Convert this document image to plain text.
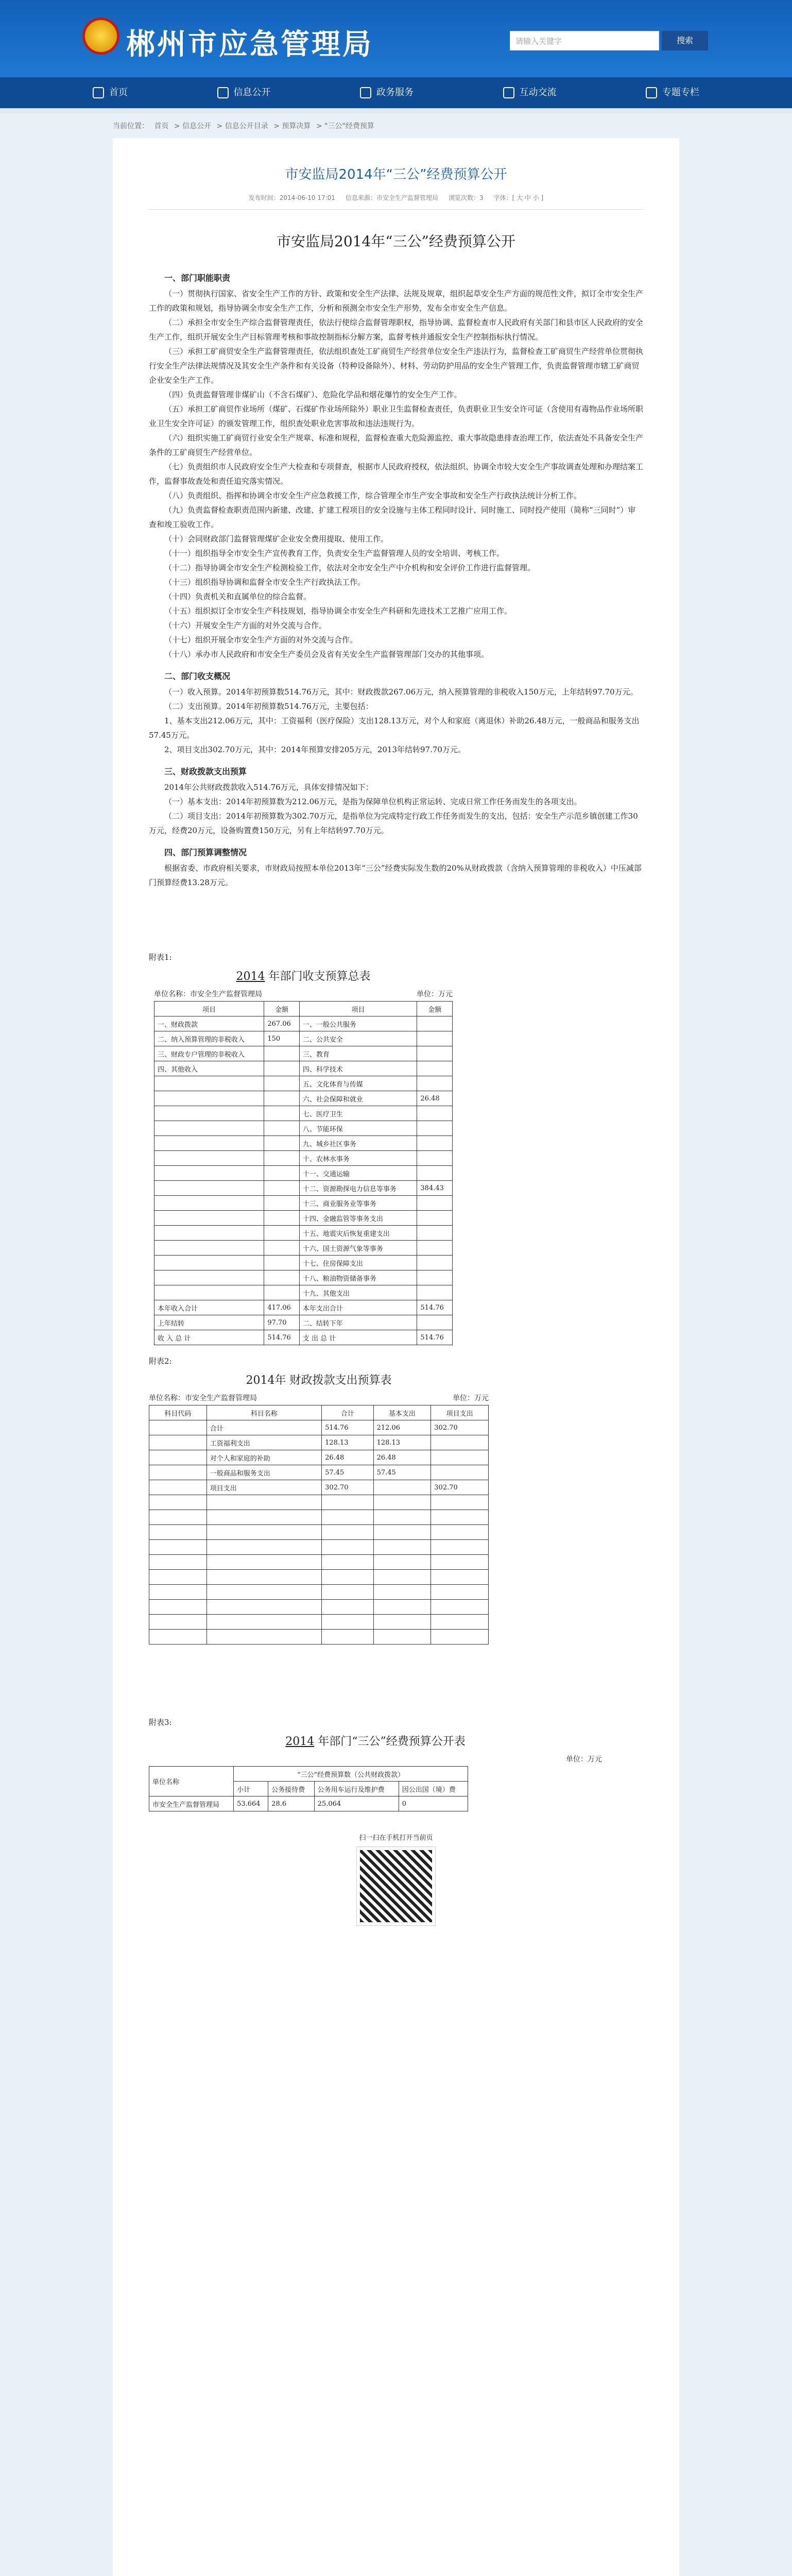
郴州市应急管理局	请输入关键字	搜索
首页	信息公开	政务服务	互动交流	专题专栏
当前位置： 首页 > 信息公开 > 信息公开目录 > 预算决算 > "三公"经费预算
市安监局2014年“三公”经费预算公开
发布时间：2014-06-10 17:01 信息来源：市安全生产监督管理局 浏览次数：3 字体：[ 大 中 小 ]
市安监局2014年“三公”经费预算公开
一、部门职能职责

（一）贯彻执行国家、省安全生产工作的方针、政策和安全生产法律、法规及规章，组织起草安全生产方面的规范性文件，拟订全市安全生产工作的政策和规划，指导协调全市安全生产工作，分析和预测全市安全生产形势，发布全市安全生产信息。

（二）承担全市安全生产综合监督管理责任，依法行使综合监督管理职权，指导协调、监督检查市人民政府有关部门和县市区人民政府的安全生产工作，组织开展安全生产目标管理考核和事故控制指标分解方案，监督考核并通报安全生产控制指标执行情况。

（三）承担工矿商贸安全生产监督管理责任，依法组织查处工矿商贸生产经营单位安全生产违法行为，监督检查工矿商贸生产经营单位贯彻执行安全生产法律法规情况及其安全生产条件和有关设备（特种设备除外）、材料、劳动防护用品的安全生产管理工作，负责监督管理市辖工矿商贸企业安全生产工作。

（四）负责监督管理非煤矿山（不含石煤矿）、危险化学品和烟花爆竹的安全生产工作。

（五）承担工矿商贸作业场所（煤矿、石煤矿作业场所除外）职业卫生监督检查责任，负责职业卫生安全许可证（含使用有毒物品作业场所职业卫生安全许可证）的颁发管理工作，组织查处职业危害事故和违法违规行为。

（六）组织实施工矿商贸行业安全生产规章、标准和规程，监督检查重大危险源监控、重大事故隐患排查治理工作，依法查处不具备安全生产条件的工矿商贸生产经营单位。

（七）负责组织市人民政府安全生产大检查和专项督查，根据市人民政府授权，依法组织、协调全市较大安全生产事故调查处理和办理结案工作，监督事故查处和责任追究落实情况。

（八）负责组织、指挥和协调全市安全生产应急救援工作，综合管理全市生产安全事故和安全生产行政执法统计分析工作。

（九）负责监督检查职责范围内新建、改建、扩建工程项目的安全设施与主体工程同时设计、同时施工、同时投产使用（简称“三同时”）审查和竣工验收工作。

（十）会同财政部门监督管理煤矿企业安全费用提取、使用工作。

（十一）组织指导全市安全生产宣传教育工作，负责安全生产监督管理人员的安全培训、考核工作。

（十二）指导协调全市安全生产检测检验工作，依法对全市安全生产中介机构和安全评价工作进行监督管理。

（十三）组织指导协调和监督全市安全生产行政执法工作。

（十四）负责机关和直属单位的综合监督。

（十五）组织拟订全市安全生产科技规划，指导协调全市安全生产科研和先进技术工艺推广应用工作。

（十六）开展安全生产方面的对外交流与合作。

（十七）组织开展全市安全生产方面的对外交流与合作。

（十八）承办市人民政府和市安全生产委员会及省有关安全生产监督管理部门交办的其他事项。

二、部门收支概况

（一）收入预算。2014年初预算数514.76万元，其中：财政拨款267.06万元，纳入预算管理的非税收入150万元，上年结转97.70万元。

（二）支出预算。2014年初预算数514.76万元，主要包括：

1、基本支出212.06万元，其中：工资福利（医疗保险）支出128.13万元，对个人和家庭（离退休）补助26.48万元，一般商品和服务支出57.45万元。

2、项目支出302.70万元，其中：2014年预算安排205万元，2013年结转97.70万元。

三、财政拨款支出预算

2014年公共财政拨款收入514.76万元，具体安排情况如下：

（一）基本支出：2014年初预算数为212.06万元，是指为保障单位机构正常运转、完成日常工作任务而发生的各项支出。

（二）项目支出：2014年初预算数为302.70万元，是指单位为完成特定行政工作任务而发生的支出，包括：安全生产示范乡镇创建工作30万元，经费20万元，设备购置费150万元，另有上年结转97.70万元。

四、部门预算调整情况

根据省委、市政府相关要求，市财政局按照本单位2013年“三公”经费实际发生数的20%从财政拨款（含纳入预算管理的非税收入）中压减部门预算经费13.28万元。

附表1:
2014 年部门收支预算总表
单位名称：市安全生产监督管理局	单位：万元
项目	金额	项目	金额
一、财政拨款	267.06	一、一般公共服务	
二、纳入预算管理的非税收入	150	二、公共安全	
三、财政专户管理的非税收入		三、教育	
四、其他收入		四、科学技术	
		五、文化体育与传媒	
		六、社会保障和就业	26.48
		七、医疗卫生	
		八、节能环保	
		九、城乡社区事务	
		十、农林水事务	
		十一、交通运输	
		十二、资源勘探电力信息等事务	384.43
		十三、商业服务业等事务	
		十四、金融监管等事务支出	
		十五、地震灾后恢复重建支出	
		十六、国土资源气象等事务	
		十七、住房保障支出	
		十八、粮油物资储备事务	
		十九、其他支出	
本年收入合计	417.06	本年支出合计	514.76
上年结转	97.70	二、结转下年	
收 入 总 计	514.76	支 出 总 计	514.76
附表2:
2014年 财政拨款支出预算表
单位名称：市安全生产监督管理局	单位：万元
科目代码	科目名称	合计	基本支出	项目支出
	合计	514.76	212.06	302.70
	工资福利支出	128.13	128.13	
	对个人和家庭的补助	26.48	26.48	
	一般商品和服务支出	57.45	57.45	
	项目支出	302.70		302.70

附表3:
2014 年部门“三公”经费预算公开表
单位：万元
单位名称	“三公”经费预算数（公共财政拨款）			
	小计	公务接待费	公务用车运行及维护费	因公出国（境）费
市安全生产监督管理局	53.664	28.6	25.064	0
扫一扫在手机打开当前页
